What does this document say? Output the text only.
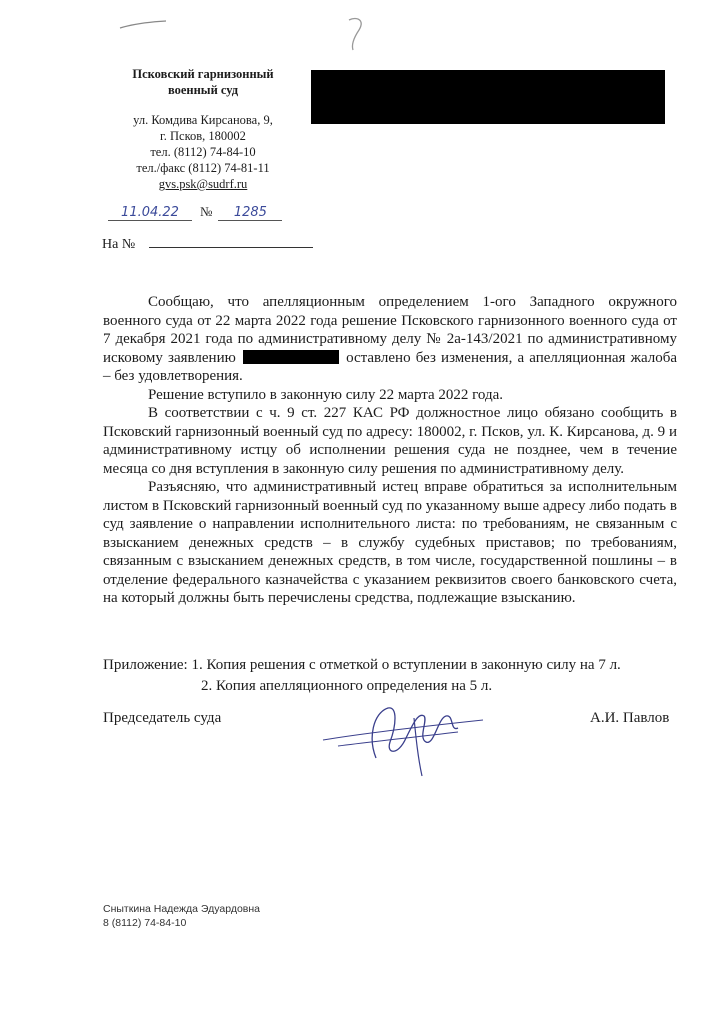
Псковский гарнизонный
военный суд
ул. Комдива Кирсанова, 9,
г. Псков, 180002
тел. (8112) 74-84-10
тел./факс (8112) 74-81-11
gvs.psk@sudrf.ru
11.04.22 № 1285
На №

Сообщаю, что апелляционным определением 1-ого Западного окружного военного суда от 22 марта 2022 года решение Псковского гарнизонного военного суда от 7 декабря 2021 года по административному делу № 2а-143/2021 по административному исковому заявлению	оставлено без изменения, а апелляционная жалоба – без удовлетворения.

Решение вступило в законную силу 22 марта 2022 года.

В соответствии с ч. 9 ст. 227 КАС РФ должностное лицо обязано сообщить в Псковский гарнизонный военный суд по адресу: 180002, г. Псков, ул. К. Кирсанова, д. 9 и административному истцу об исполнении решения суда не позднее, чем в течение месяца со дня вступления в законную силу решения по административному делу.

Разъясняю, что административный истец вправе обратиться за исполнительным листом в Псковский гарнизонный военный суд по указанному выше адресу либо подать в суд заявление о направлении исполнительного листа: по требованиям, не связанным с взысканием денежных средств – в службу судебных приставов; по требованиям, связанным с взысканием денежных средств, в том числе, государственной пошлины – в отделение федерального казначейства с указанием реквизитов своего банковского счета, на который должны быть перечислены средства, подлежащие взысканию.

Приложение: 1. Копия решения с отметкой о вступлении в законную силу на 7 л.
2. Копия апелляционного определения на 5 л.
Председатель суда	А.И. Павлов
Сныткина Надежда Эдуардовна
8 (8112) 74-84-10
